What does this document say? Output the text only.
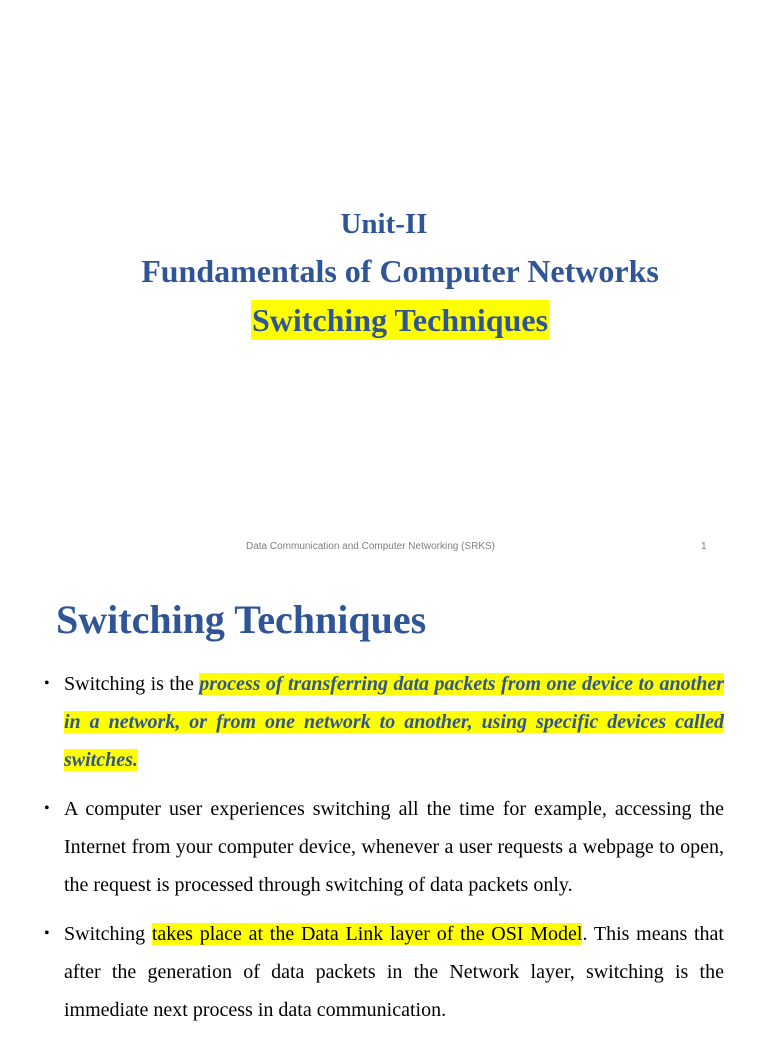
Unit-II
Fundamentals of Computer Networks
Switching Techniques
Data Communication and Computer Networking (SRKS)	1
Switching Techniques
• Switching is the process of transferring data packets from one device to another in a network, or from one network to another, using specific devices called switches.
• A computer user experiences switching all the time for example, accessing the Internet from your computer device, whenever a user requests a webpage to open, the request is processed through switching of data packets only.
• Switching takes place at the Data Link layer of the OSI Model. This means that after the generation of data packets in the Network layer, switching is the immediate next process in data communication.
